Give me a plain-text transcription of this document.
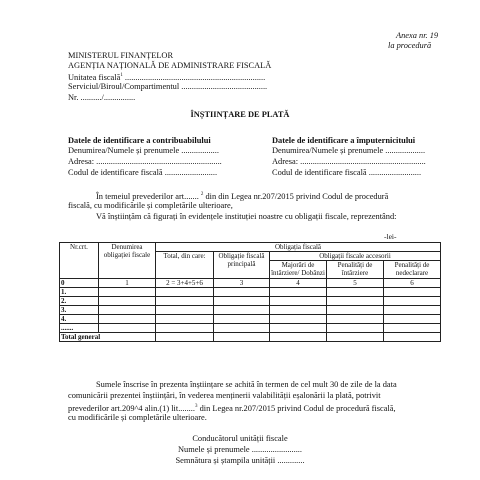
Anexa nr. 19
la procedură
MINISTERUL FINANȚELOR
AGENȚIA NAȚIONALĂ DE ADMINISTRARE FISCALĂ
Unitatea fiscală$^1$ ...................................................................
Serviciul/Biroul/Compartimentul .........................................
Nr. ........../...............
ÎNȘTIINȚARE DE PLATĂ
Datele de identificare a contribuabilului
Denumirea/Numele și prenumele ..................
Adresa: ............................................................
Codul de identificare fiscală .........................
Datele de identificare a împuternicitului
Denumirea/Numele și prenumele ...................
Adresa: ............................................................
Codul de identificare fiscală .........................
În temeiul prevederilor art....... $^2$ din din Legea nr.207/2015 privind Codul de procedură
fiscală, cu modificările și completările ulterioare,
Vă înștiințăm că figurați în evidențele instituției noastre cu obligații fiscale, reprezentând:
-lei-
Nr.crt.	Denumirea obligației fiscale	Obligația fiscală				
		Total, din care:	Obligație fiscală principală	Obligații fiscale accesorii		
				Majorări de întârziere/ Dobânzi	Penalități de întârziere	Penalități de nedeclarare
0	1	2 = 3+4+5+6	3	4	5	6
1.						
2.						
3.						
4.						
.......						
Total general						
Sumele înscrise în prezenta înștiințare se achită în termen de cel mult 30 de zile de la data
comunicării prezentei înștiințări, în vederea menținerii valabilității eșalonării la plată, potrivit
prevederilor art.209^4 alin.(1) lit........$^3$ din Legea nr.207/2015 privind Codul de procedură fiscală,
cu modificările și completările ulterioare.
Conducătorul unității fiscale
Numele și prenumele ........................
Semnătura și ștampila unității .............
